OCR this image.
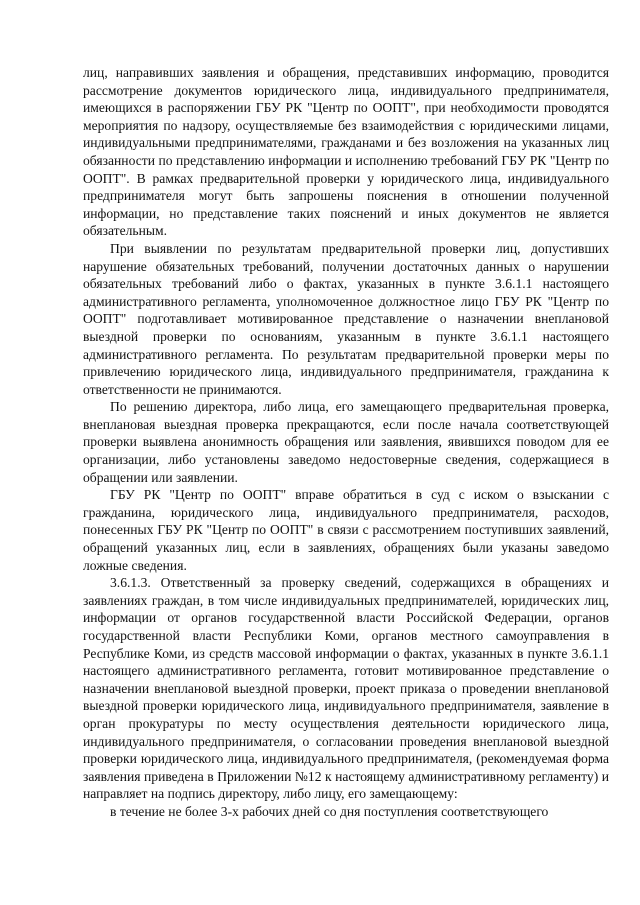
лиц, направивших заявления и обращения, представивших информацию, проводится рассмотрение документов юридического лица, индивидуального предпринимателя, имеющихся в распоряжении ГБУ РК "Центр по ООПТ", при необходимости проводятся мероприятия по надзору, осуществляемые без взаимодействия с юридическими лицами, индивидуальными предпринимателями, гражданами и без возложения на указанных лиц обязанности по представлению информации и исполнению требований ГБУ РК "Центр по ООПТ". В рамках предварительной проверки у юридического лица, индивидуального предпринимателя могут быть запрошены пояснения в отношении полученной информации, но представление таких пояснений и иных документов не является обязательным.

При выявлении по результатам предварительной проверки лиц, допустивших нарушение обязательных требований, получении достаточных данных о нарушении обязательных требований либо о фактах, указанных в пункте 3.6.1.1 настоящего административного регламента, уполномоченное должностное лицо ГБУ РК "Центр по ООПТ" подготавливает мотивированное представление о назначении внеплановой выездной проверки по основаниям, указанным в пункте 3.6.1.1 настоящего административного регламента. По результатам предварительной проверки меры по привлечению юридического лица, индивидуального предпринимателя, гражданина к ответственности не принимаются.

По решению директора, либо лица, его замещающего предварительная проверка, внеплановая выездная проверка прекращаются, если после начала соответствующей проверки выявлена анонимность обращения или заявления, явившихся поводом для ее организации, либо установлены заведомо недостоверные сведения, содержащиеся в обращении или заявлении.

ГБУ РК "Центр по ООПТ" вправе обратиться в суд с иском о взыскании с гражданина, юридического лица, индивидуального предпринимателя, расходов, понесенных ГБУ РК "Центр по ООПТ" в связи с рассмотрением поступивших заявлений, обращений указанных лиц, если в заявлениях, обращениях были указаны заведомо ложные сведения.

3.6.1.3. Ответственный за проверку сведений, содержащихся в обращениях и заявлениях граждан, в том числе индивидуальных предпринимателей, юридических лиц, информации от органов государственной власти Российской Федерации, органов государственной власти Республики Коми, органов местного самоуправления в Республике Коми, из средств массовой информации о фактах, указанных в пункте 3.6.1.1 настоящего административного регламента, готовит мотивированное представление о назначении внеплановой выездной проверки, проект приказа о проведении внеплановой выездной проверки юридического лица, индивидуального предпринимателя, заявление в орган прокуратуры по месту осуществления деятельности юридического лица, индивидуального предпринимателя, о согласовании проведения внеплановой выездной проверки юридического лица, индивидуального предпринимателя, (рекомендуемая форма заявления приведена в Приложении №12 к настоящему административному регламенту) и направляет на подпись директору, либо лицу, его замещающему:

в течение не более 3-х рабочих дней со дня поступления соответствующего
